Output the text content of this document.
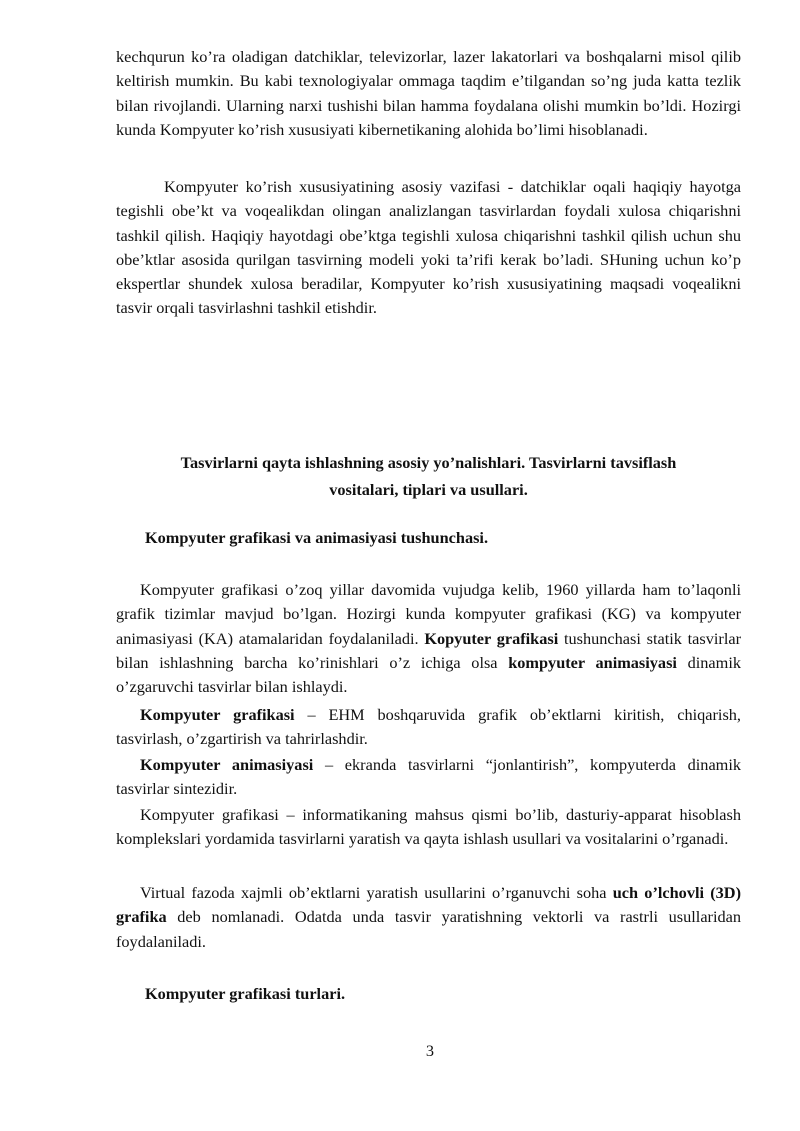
kechqurun ko’ra oladigan datchiklar, televizorlar, lazer lakatorlari va boshqalarni misol qilib keltirish mumkin. Bu kabi texnologiyalar ommaga taqdim e’tilgandan so’ng juda katta tezlik bilan rivojlandi. Ularning narxi tushishi bilan hamma foydalana olishi mumkin bo’ldi. Hozirgi kunda Kompyuter ko’rish xususiyati kibernetikaning alohida bo’limi hisoblanadi.

Kompyuter ko’rish xususiyatining asosiy vazifasi - datchiklar oqali haqiqiy hayotga tegishli obe’kt va voqealikdan olingan analizlangan tasvirlardan foydali xulosa chiqarishni tashkil qilish. Haqiqiy hayotdagi obe’ktga tegishli xulosa chiqarishni tashkil qilish uchun shu obe’ktlar asosida qurilgan tasvirning modeli yoki ta’rifi kerak bo’ladi. SHuning uchun ko’p ekspertlar shundek xulosa beradilar, Kompyuter ko’rish xususiyatining maqsadi voqealikni tasvir orqali tasvirlashni tashkil etishdir.

Tasvirlarni qayta ishlashning asosiy yo’nalishlari. Tasvirlarni tavsiflash
vositalari, tiplari va usullari.

Kompyuter grafikasi va animasiyasi tushunchasi.

Kompyuter grafikasi o’zoq yillar davomida vujudga kelib, 1960 yillarda ham to’laqonli grafik tizimlar mavjud bo’lgan. Hozirgi kunda kompyuter grafikasi (KG) va kompyuter animasiyasi (KA) atamalaridan foydalaniladi. Kopyuter grafikasi tushunchasi statik tasvirlar bilan ishlashning barcha ko’rinishlari o’z ichiga olsa kompyuter animasiyasi dinamik o’zgaruvchi tasvirlar bilan ishlaydi.

Kompyuter grafikasi – EHM boshqaruvida grafik ob’ektlarni kiritish, chiqarish, tasvirlash, o’zgartirish va tahrirlashdir.

Kompyuter animasiyasi – ekranda tasvirlarni “jonlantirish”, kompyuterda dinamik tasvirlar sintezidir.

Kompyuter grafikasi – informatikaning mahsus qismi bo’lib, dasturiy-apparat hisoblash komplekslari yordamida tasvirlarni yaratish va qayta ishlash usullari va vositalarini o’rganadi.

Virtual fazoda xajmli ob’ektlarni yaratish usullarini o’rganuvchi soha uch o’lchovli (3D) grafika deb nomlanadi. Odatda unda tasvir yaratishning vektorli va rastrli usullaridan foydalaniladi.

Kompyuter grafikasi turlari.

3
